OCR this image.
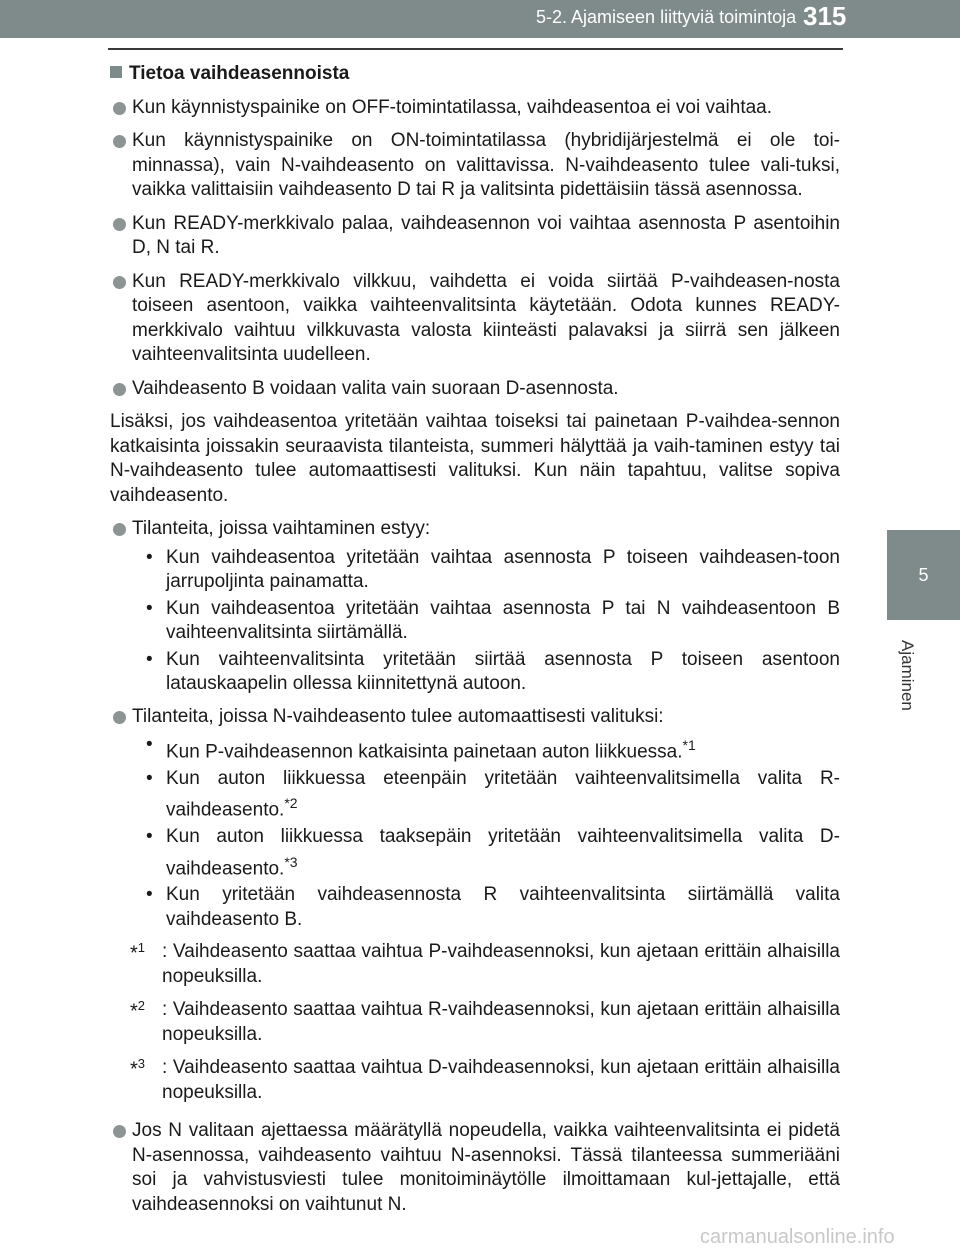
5-2. Ajamiseen liittyviä toimintoja 315
5
Ajaminen
Tietoa vaihdeasennoista
Kun käynnistyspainike on OFF-toimintatilassa, vaihdeasentoa ei voi vaihtaa.
Kun käynnistyspainike on ON-toimintatilassa (hybridijärjestelmä ei ole toi-minnassa), vain N-vaihdeasento on valittavissa. N-vaihdeasento tulee vali-tuksi, vaikka valittaisiin vaihdeasento D tai R ja valitsinta pidettäisiin tässä asennossa.
Kun READY-merkkivalo palaa, vaihdeasennon voi vaihtaa asennosta P asentoihin D, N tai R.
Kun READY-merkkivalo vilkkuu, vaihdetta ei voida siirtää P-vaihdeasen-nosta toiseen asentoon, vaikka vaihteenvalitsinta käytetään. Odota kunnes READY-merkkivalo vaihtuu vilkkuvasta valosta kiinteästi palavaksi ja siirrä sen jälkeen vaihteenvalitsinta uudelleen.
Vaihdeasento B voidaan valita vain suoraan D-asennosta.
Lisäksi, jos vaihdeasentoa yritetään vaihtaa toiseksi tai painetaan P-vaihdea-sennon katkaisinta joissakin seuraavista tilanteista, summeri hälyttää ja vaih-taminen estyy tai N-vaihdeasento tulee automaattisesti valituksi. Kun näin tapahtuu, valitse sopiva vaihdeasento.
Tilanteita, joissa vaihtaminen estyy:
• Kun vaihdeasentoa yritetään vaihtaa asennosta P toiseen vaihdeasen-toon jarrupoljinta painamatta.
• Kun vaihdeasentoa yritetään vaihtaa asennosta P tai N vaihdeasentoon B vaihteenvalitsinta siirtämällä.
• Kun vaihteenvalitsinta yritetään siirtää asennosta P toiseen asentoon latauskaapelin ollessa kiinnitettynä autoon.
Tilanteita, joissa N-vaihdeasento tulee automaattisesti valituksi:
• Kun P-vaihdeasennon katkaisinta painetaan auton liikkuessa.$^{*1}$
• Kun auton liikkuessa eteenpäin yritetään vaihteenvalitsimella valita R-vaihdeasento.$^{*2}$
• Kun auton liikkuessa taaksepäin yritetään vaihteenvalitsimella valita D-vaihdeasento.$^{*3}$
• Kun yritetään vaihdeasennosta R vaihteenvalitsinta siirtämällä valita vaihdeasento B.
*$^1$ : Vaihdeasento saattaa vaihtua P-vaihdeasennoksi, kun ajetaan erittäin alhaisilla nopeuksilla.
*$^2$ : Vaihdeasento saattaa vaihtua R-vaihdeasennoksi, kun ajetaan erittäin alhaisilla nopeuksilla.
*$^3$ : Vaihdeasento saattaa vaihtua D-vaihdeasennoksi, kun ajetaan erittäin alhaisilla nopeuksilla.
Jos N valitaan ajettaessa määrätyllä nopeudella, vaikka vaihteenvalitsinta ei pidetä N-asennossa, vaihdeasento vaihtuu N-asennoksi. Tässä tilanteessa summeriääni soi ja vahvistusviesti tulee monitoiminäytölle ilmoittamaan kul-jettajalle, että vaihdeasennoksi on vaihtunut N.
carmanualsonline.info
